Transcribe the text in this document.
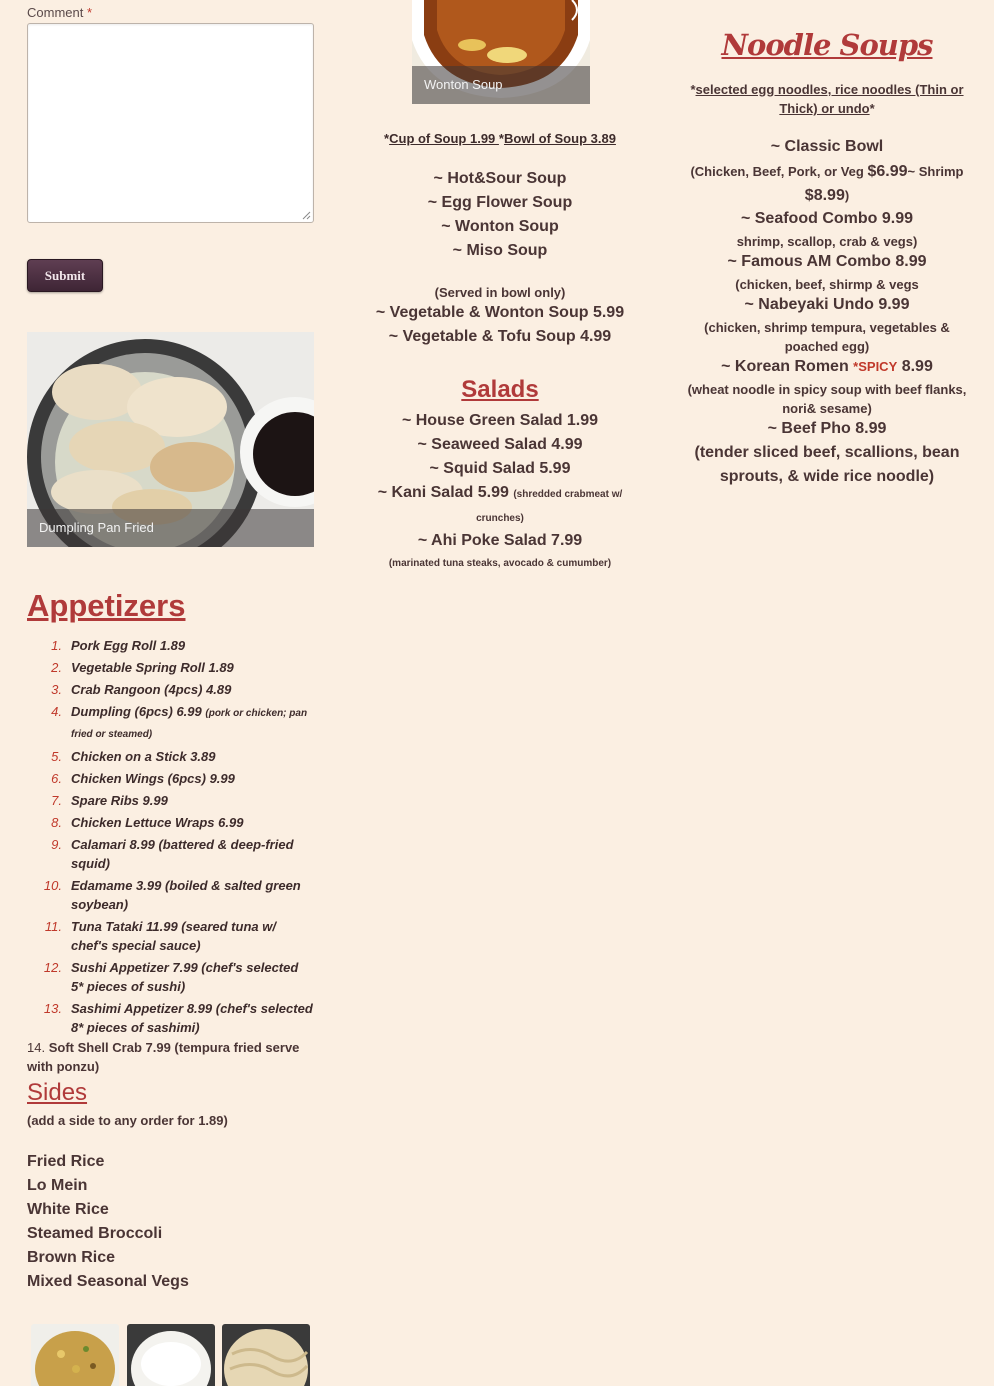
Comment *
Submit
Dumpling Pan Fried
Appetizers
1. Pork Egg Roll 1.89
2. Vegetable Spring Roll 1.89
3. Crab Rangoon (4pcs) 4.89
4. Dumpling (6pcs) 6.99 (pork or chicken; pan fried or steamed)
5. Chicken on a Stick 3.89
6. Chicken Wings (6pcs) 9.99
7. Spare Ribs 9.99
8. Chicken Lettuce Wraps 6.99
9. Calamari 8.99 (battered & deep-fried squid)
10. Edamame 3.99 (boiled & salted green soybean)
11. Tuna Tataki 11.99 (seared tuna w/ chef's special sauce)
12. Sushi Appetizer 7.99 (chef's selected 5* pieces of sushi)
13. Sashimi Appetizer 8.99 (chef's selected 8* pieces of sashimi)
14. Soft Shell Crab 7.99 (tempura fried serve with ponzu)
Sides
(add a side to any order for 1.89)
Fried Rice
Lo Mein
White Rice
Steamed Broccoli
Brown Rice
Mixed Seasonal Vegs
Wonton Soup
*Cup of Soup 1.99 *Bowl of Soup 3.89
~ Hot&Sour Soup
~ Egg Flower Soup
~ Wonton Soup
~ Miso Soup
(Served in bowl only)
~ Vegetable & Wonton Soup 5.99
~ Vegetable & Tofu Soup 4.99
Salads
~ House Green Salad 1.99
~ Seaweed Salad 4.99
~ Squid Salad 5.99
~ Kani Salad 5.99 (shredded crabmeat w/ crunches)
~ Ahi Poke Salad 7.99
(marinated tuna steaks, avocado & cumumber)
Noodle Soups
*selected egg noodles, rice noodles (Thin or Thick) or undo*
~ Classic Bowl
(Chicken, Beef, Pork, or Veg $6.99~ Shrimp $8.99)
~ Seafood Combo 9.99
shrimp, scallop, crab & vegs)
~ Famous AM Combo 8.99
(chicken, beef, shirmp & vegs
~ Nabeyaki Undo 9.99
(chicken, shrimp tempura, vegetables & poached egg)
~ Korean Romen *SPICY 8.99
(wheat noodle in spicy soup with beef flanks, nori& sesame)
~ Beef Pho 8.99
(tender sliced beef, scallions, bean sprouts, & wide rice noodle)
